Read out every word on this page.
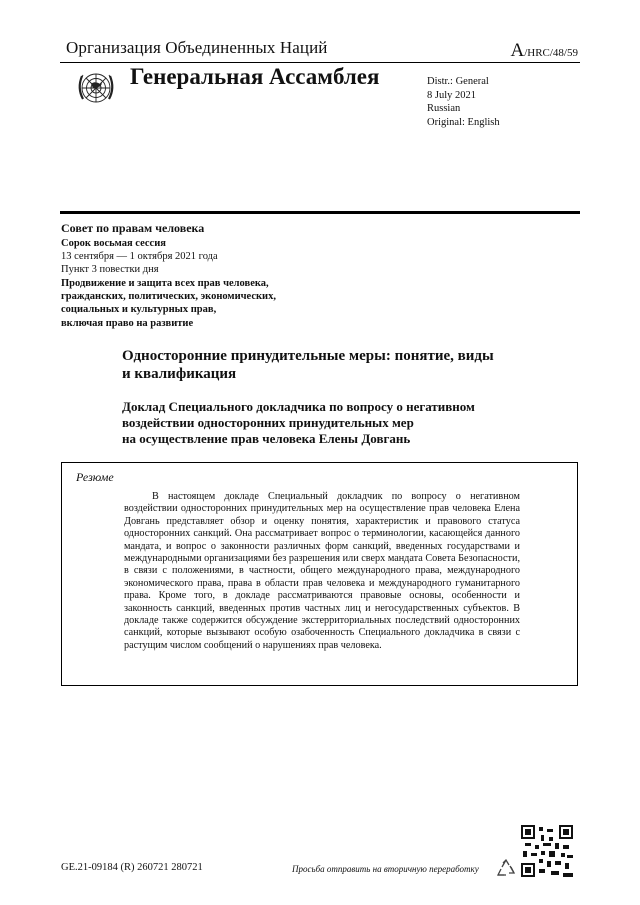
Организация Объединенных Наций	A/HRC/48/59
Генеральная Ассамблея	Distr.: General
8 July 2021
Russian
Original: English
Совет по правам человека
Сорок восьмая сессия
13 сентября — 1 октября 2021 года
Пункт 3 повестки дня
Продвижение и защита всех прав человека,
гражданских, политических, экономических,
социальных и культурных прав,
включая право на развитие
Односторонние принудительные меры: понятие, виды
и квалификация
Доклад Специального докладчика по вопросу о негативном
воздействии односторонних принудительных мер
на осуществление прав человека Елены Довгань
Резюме

В настоящем докладе Специальный докладчик по вопросу о негативном воздействии односторонних принудительных мер на осуществление прав человека Елена Довгань представляет обзор и оценку понятия, характеристик и правового статуса односторонних санкций. Она рассматривает вопрос о терминологии, касающейся данного мандата, и вопрос о законности различных форм санкций, введенных государствами и международными организациями без разрешения или сверх мандата Совета Безопасности, в связи с положениями, в частности, общего международного права, международного экономического права, права в области прав человека и международного гуманитарного права. Кроме того, в докладе рассматриваются правовые основы, особенности и законность санкций, введенных против частных лиц и негосударственных субъектов. В докладе также содержится обсуждение экстерриториальных последствий односторонних санкций, которые вызывают особую озабоченность Специального докладчика в связи с растущим числом сообщений о нарушениях прав человека.

GE.21-09184 (R) 260721 280721	Просьба отправить на вторичную переработку
